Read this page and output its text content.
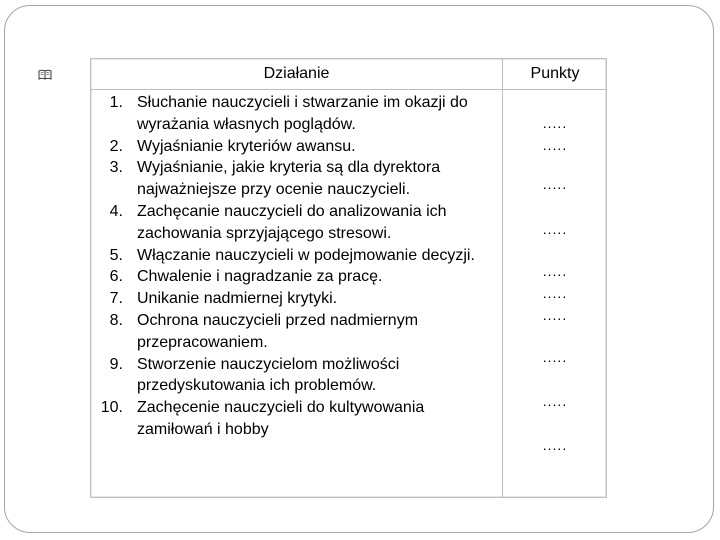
Działanie	Punkty
1. Słuchanie nauczycieli i stwarzanie im okazji do wyrażania własnych poglądów.
2. Wyjaśnianie kryteriów awansu.
3. Wyjaśnianie, jakie kryteria są dla dyrektora najważniejsze przy ocenie nauczycieli.
4. Zachęcanie nauczycieli do analizowania ich zachowania sprzyjającego stresowi.
5. Włączanie nauczycieli w podejmowanie decyzji.
6. Chwalenie i nagradzanie za pracę.
7. Unikanie nadmiernej krytyki.
8. Ochrona nauczycieli przed nadmiernym przepracowaniem.
9. Stworzenie nauczycielom możliwości przedyskutowania ich problemów.
10. Zachęcenie nauczycieli do kultywowania zamiłowań i hobby
.....
.....
.....
.....
.....
.....
.....
.....
.....
.....
